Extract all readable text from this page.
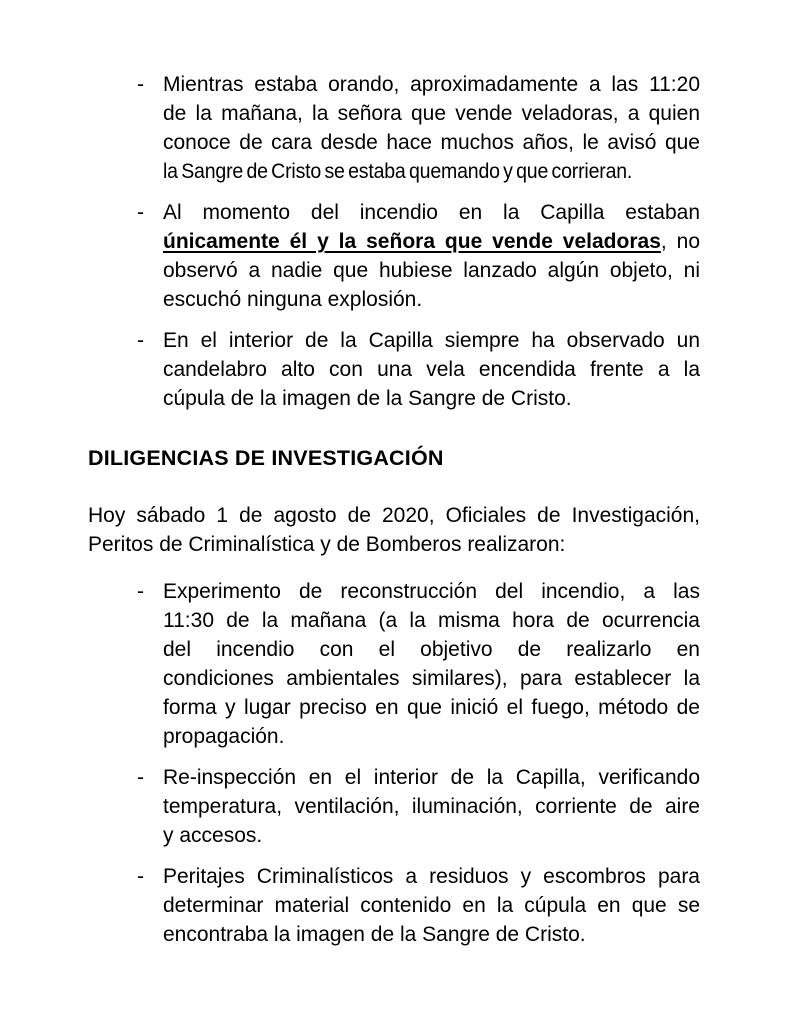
- Mientras estaba orando, aproximadamente a las 11:20
de la mañana, la señora que vende veladoras, a quien
conoce de cara desde hace muchos años, le avisó que
la Sangre de Cristo se estaba quemando y que corrieran.
- Al momento del incendio en la Capilla estaban
únicamente él y la señora que vende veladoras, no
observó a nadie que hubiese lanzado algún objeto, ni
escuchó ninguna explosión.
- En el interior de la Capilla siempre ha observado un
candelabro alto con una vela encendida frente a la
cúpula de la imagen de la Sangre de Cristo.
DILIGENCIAS DE INVESTIGACIÓN
Hoy sábado 1 de agosto de 2020, Oficiales de Investigación,
Peritos de Criminalística y de Bomberos realizaron:
- Experimento de reconstrucción del incendio, a las
11:30 de la mañana (a la misma hora de ocurrencia
del incendio con el objetivo de realizarlo en
condiciones ambientales similares), para establecer la
forma y lugar preciso en que inició el fuego, método de
propagación.
- Re-inspección en el interior de la Capilla, verificando
temperatura, ventilación, iluminación, corriente de aire
y accesos.
- Peritajes Criminalísticos a residuos y escombros para
determinar material contenido en la cúpula en que se
encontraba la imagen de la Sangre de Cristo.
